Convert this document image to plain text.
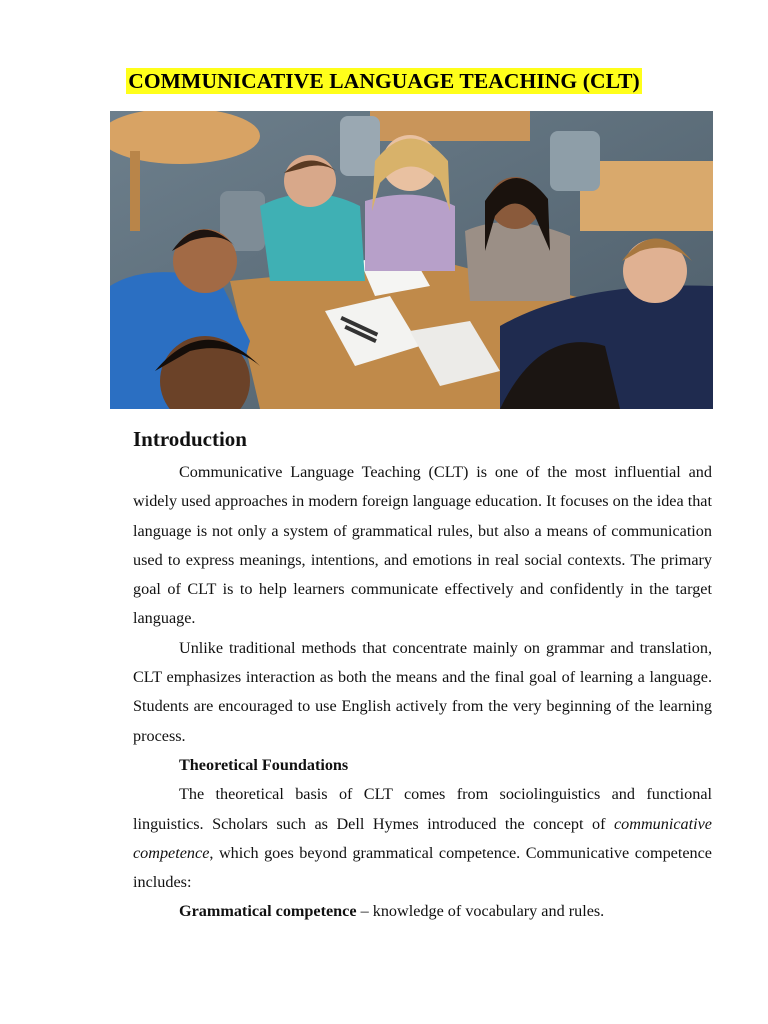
COMMUNICATIVE LANGUAGE TEACHING (CLT)
Introduction

Communicative Language Teaching (CLT) is one of the most influential and widely used approaches in modern foreign language education. It focuses on the idea that language is not only a system of grammatical rules, but also a means of communication used to express meanings, intentions, and emotions in real social contexts. The primary goal of CLT is to help learners communicate effectively and confidently in the target language.

Unlike traditional methods that concentrate mainly on grammar and translation, CLT emphasizes interaction as both the means and the final goal of learning a language. Students are encouraged to use English actively from the very beginning of the learning process.

Theoretical Foundations

The theoretical basis of CLT comes from sociolinguistics and functional linguistics. Scholars such as Dell Hymes introduced the concept of communicative competence, which goes beyond grammatical competence. Communicative competence includes:

Grammatical competence – knowledge of vocabulary and rules.
